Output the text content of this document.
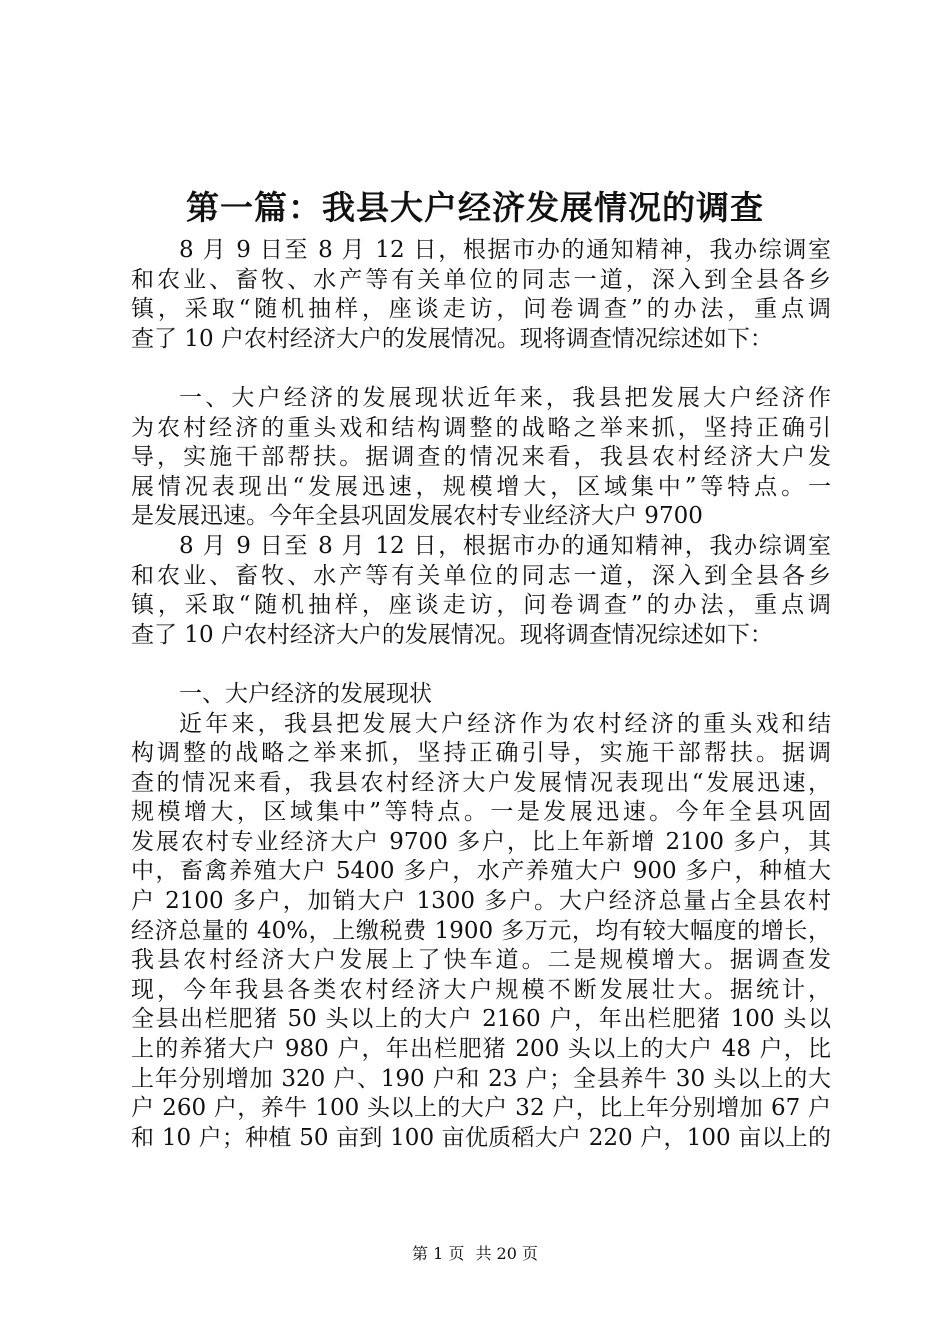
第一篇：我县大户经济发展情况的调查
8 月 9 日至 8 月 12 日，根据市办的通知精神，我办综调室
和农业、畜牧、水产等有关单位的同志一道，深入到全县各乡
镇，采取“随机抽样，座谈走访，问卷调查”的办法，重点调
查了 10 户农村经济大户的发展情况。现将调查情况综述如下：
一、大户经济的发展现状近年来，我县把发展大户经济作
为农村经济的重头戏和结构调整的战略之举来抓，坚持正确引
导，实施干部帮扶。据调查的情况来看，我县农村经济大户发
展情况表现出“发展迅速，规模增大，区域集中”等特点。一
是发展迅速。今年全县巩固发展农村专业经济大户 9700
8 月 9 日至 8 月 12 日，根据市办的通知精神，我办综调室
和农业、畜牧、水产等有关单位的同志一道，深入到全县各乡
镇，采取“随机抽样，座谈走访，问卷调查”的办法，重点调
查了 10 户农村经济大户的发展情况。现将调查情况综述如下：
一、大户经济的发展现状
近年来，我县把发展大户经济作为农村经济的重头戏和结
构调整的战略之举来抓，坚持正确引导，实施干部帮扶。据调
查的情况来看，我县农村经济大户发展情况表现出“发展迅速，
规模增大，区域集中”等特点。一是发展迅速。今年全县巩固
发展农村专业经济大户 9700 多户，比上年新增 2100 多户，其
中，畜禽养殖大户 5400 多户，水产养殖大户 900 多户，种植大
户 2100 多户，加销大户 1300 多户。大户经济总量占全县农村
经济总量的 40%，上缴税费 1900 多万元，均有较大幅度的增长，
我县农村经济大户发展上了快车道。二是规模增大。据调查发
现，今年我县各类农村经济大户规模不断发展壮大。据统计，
全县出栏肥猪 50 头以上的大户 2160 户，年出栏肥猪 100 头以
上的养猪大户 980 户，年出栏肥猪 200 头以上的大户 48 户，比
上年分别增加 320 户、190 户和 23 户；全县养牛 30 头以上的大
户 260 户，养牛 100 头以上的大户 32 户，比上年分别增加 67 户
和 10 户；种植 50 亩到 100 亩优质稻大户 220 户，100 亩以上的
第 1 页 共 20 页
